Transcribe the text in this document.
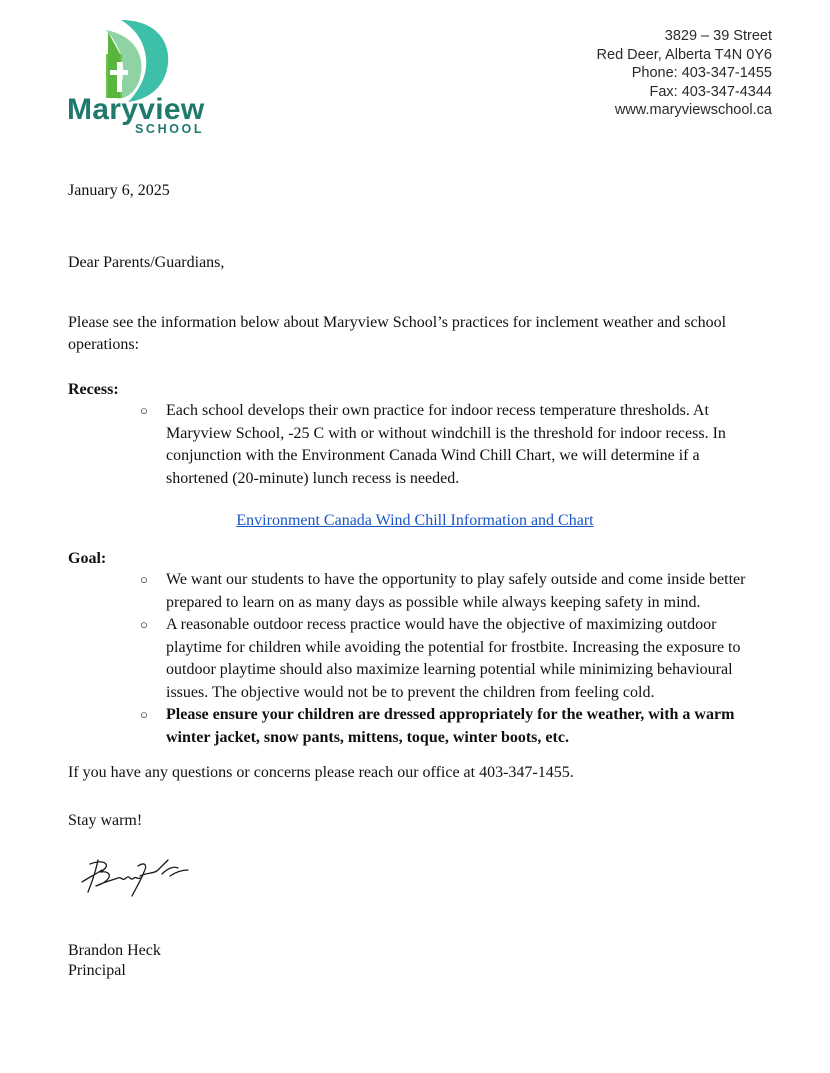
Maryview
SCHOOL
3829 – 39 Street
Red Deer, Alberta T4N 0Y6
Phone: 403-347-1455
Fax: 403-347-4344
www.maryviewschool.ca
January 6, 2025
Dear Parents/Guardians,
Please see the information below about Maryview School’s practices for inclement weather and school operations:
Recess:
○ Each school develops their own practice for indoor recess temperature thresholds. At Maryview School, -25 C with or without windchill is the threshold for indoor recess. In conjunction with the Environment Canada Wind Chill Chart, we will determine if a shortened (20-minute) lunch recess is needed.
Environment Canada Wind Chill Information and Chart
Goal:
○ We want our students to have the opportunity to play safely outside and come inside better prepared to learn on as many days as possible while always keeping safety in mind.
○ A reasonable outdoor recess practice would have the objective of maximizing outdoor playtime for children while avoiding the potential for frostbite. Increasing the exposure to outdoor playtime should also maximize learning potential while minimizing behavioural issues. The objective would not be to prevent the children from feeling cold.
○ Please ensure your children are dressed appropriately for the weather, with a warm winter jacket, snow pants, mittens, toque, winter boots, etc.
If you have any questions or concerns please reach our office at 403-347-1455.
Stay warm!
Brandon Heck
Principal
